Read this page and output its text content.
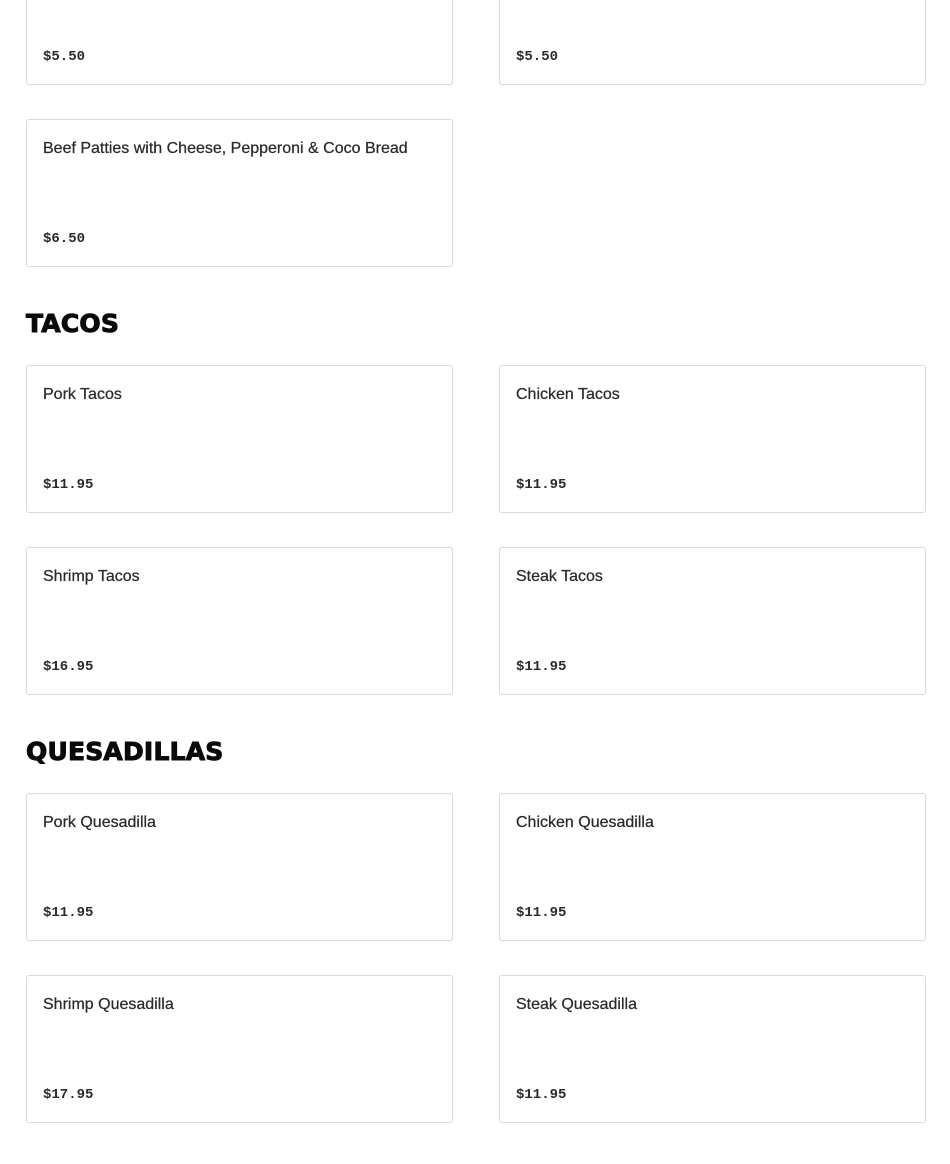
$5.50	$5.50
Beef Patties with Cheese, Pepperoni & Coco Bread
$6.50
TACOS
Pork Tacos
$11.95
Chicken Tacos
$11.95
Shrimp Tacos
$16.95
Steak Tacos
$11.95
QUESADILLAS
Pork Quesadilla
$11.95
Chicken Quesadilla
$11.95
Shrimp Quesadilla
$17.95
Steak Quesadilla
$11.95
